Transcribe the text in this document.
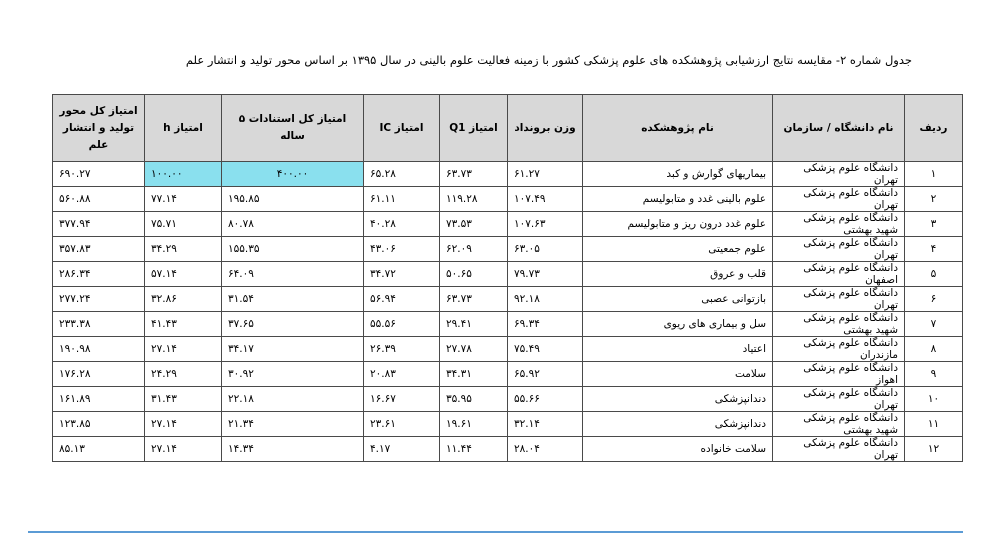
جدول شماره ۲- مقایسه نتایج ارزشیابی پژوهشکده های علوم پزشکی کشور با زمینه فعالیت علوم بالینی در سال ۱۳۹۵ بر اساس محور تولید و انتشار علم
ردیف	نام دانشگاه / سازمان	نام پژوهشکده	وزن برونداد	امتیاز Q1	امتیاز IC	امتیاز کل استنادات ۵ ساله	امتیاز h	امتیاز کل محور تولید و انتشار علم
۱	دانشگاه علوم پزشکی تهران	بیماریهای گوارش و کبد	۶۱.۲۷	۶۳.۷۳	۶۵.۲۸	۴۰۰.۰۰	۱۰۰.۰۰	۶۹۰.۲۷
۲	دانشگاه علوم پزشکی تهران	علوم بالینی غدد و متابولیسم	۱۰۷.۴۹	۱۱۹.۲۸	۶۱.۱۱	۱۹۵.۸۵	۷۷.۱۴	۵۶۰.۸۸
۳	دانشگاه علوم پزشکی شهید بهشتی	علوم غدد درون ریز و متابولیسم	۱۰۷.۶۳	۷۳.۵۳	۴۰.۲۸	۸۰.۷۸	۷۵.۷۱	۳۷۷.۹۴
۴	دانشگاه علوم پزشکی تهران	علوم جمعیتی	۶۳.۰۵	۶۲.۰۹	۴۳.۰۶	۱۵۵.۳۵	۳۴.۲۹	۳۵۷.۸۳
۵	دانشگاه علوم پزشکی اصفهان	قلب و عروق	۷۹.۷۳	۵۰.۶۵	۳۴.۷۲	۶۴.۰۹	۵۷.۱۴	۲۸۶.۳۴
۶	دانشگاه علوم پزشکی تهران	بازتوانی عصبی	۹۲.۱۸	۶۳.۷۳	۵۶.۹۴	۳۱.۵۴	۳۲.۸۶	۲۷۷.۲۴
۷	دانشگاه علوم پزشکی شهید بهشتی	سل و بیماری های ریوی	۶۹.۳۴	۲۹.۴۱	۵۵.۵۶	۳۷.۶۵	۴۱.۴۳	۲۳۳.۳۸
۸	دانشگاه علوم پزشکی مازندران	اعتیاد	۷۵.۴۹	۲۷.۷۸	۲۶.۳۹	۳۴.۱۷	۲۷.۱۴	۱۹۰.۹۸
۹	دانشگاه علوم پزشکی اهواز	سلامت	۶۵.۹۲	۳۴.۳۱	۲۰.۸۳	۳۰.۹۲	۲۴.۲۹	۱۷۶.۲۸
۱۰	دانشگاه علوم پزشکی تهران	دندانپزشکی	۵۵.۶۶	۳۵.۹۵	۱۶.۶۷	۲۲.۱۸	۳۱.۴۳	۱۶۱.۸۹
۱۱	دانشگاه علوم پزشکی شهید بهشتی	دندانپزشکی	۳۲.۱۴	۱۹.۶۱	۲۳.۶۱	۲۱.۳۴	۲۷.۱۴	۱۲۳.۸۵
۱۲	دانشگاه علوم پزشکی تهران	سلامت خانواده	۲۸.۰۴	۱۱.۴۴	۴.۱۷	۱۴.۳۴	۲۷.۱۴	۸۵.۱۳
